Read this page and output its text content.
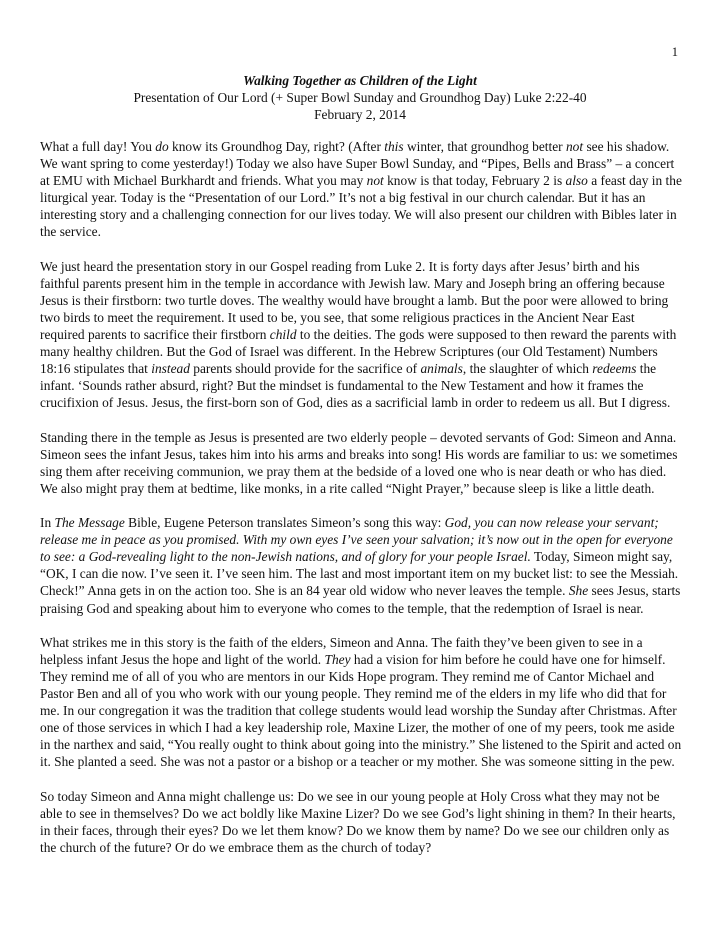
1
Walking Together as Children of the Light
Presentation of Our Lord (+ Super Bowl Sunday and Groundhog Day) Luke 2:22-40
February 2, 2014

What a full day! You do know its Groundhog Day, right? (After this winter, that groundhog better not see his shadow. We want spring to come yesterday!) Today we also have Super Bowl Sunday, and “Pipes, Bells and Brass” – a concert at EMU with Michael Burkhardt and friends. What you may not know is that today, February 2 is also a feast day in the liturgical year. Today is the “Presentation of our Lord.” It’s not a big festival in our church calendar. But it has an interesting story and a challenging connection for our lives today. We will also present our children with Bibles later in the service.

We just heard the presentation story in our Gospel reading from Luke 2. It is forty days after Jesus’ birth and his faithful parents present him in the temple in accordance with Jewish law. Mary and Joseph bring an offering because Jesus is their firstborn: two turtle doves. The wealthy would have brought a lamb. But the poor were allowed to bring two birds to meet the requirement. It used to be, you see, that some religious practices in the Ancient Near East required parents to sacrifice their firstborn child to the deities. The gods were supposed to then reward the parents with many healthy children. But the God of Israel was different. In the Hebrew Scriptures (our Old Testament) Numbers 18:16 stipulates that instead parents should provide for the sacrifice of animals, the slaughter of which redeems the infant. ‘Sounds rather absurd, right? But the mindset is fundamental to the New Testament and how it frames the crucifixion of Jesus. Jesus, the first-born son of God, dies as a sacrificial lamb in order to redeem us all. But I digress.

Standing there in the temple as Jesus is presented are two elderly people – devoted servants of God: Simeon and Anna. Simeon sees the infant Jesus, takes him into his arms and breaks into song! His words are familiar to us: we sometimes sing them after receiving communion, we pray them at the bedside of a loved one who is near death or who has died. We also might pray them at bedtime, like monks, in a rite called “Night Prayer,” because sleep is like a little death.

In The Message Bible, Eugene Peterson translates Simeon’s song this way: God, you can now release your servant; release me in peace as you promised. With my own eyes I’ve seen your salvation; it’s now out in the open for everyone to see: a God-revealing light to the non-Jewish nations, and of glory for your people Israel. Today, Simeon might say, “OK, I can die now. I’ve seen it. I’ve seen him. The last and most important item on my bucket list: to see the Messiah. Check!” Anna gets in on the action too. She is an 84 year old widow who never leaves the temple. She sees Jesus, starts praising God and speaking about him to everyone who comes to the temple, that the redemption of Israel is near.

What strikes me in this story is the faith of the elders, Simeon and Anna. The faith they’ve been given to see in a helpless infant Jesus the hope and light of the world. They had a vision for him before he could have one for himself. They remind me of all of you who are mentors in our Kids Hope program. They remind me of Cantor Michael and Pastor Ben and all of you who work with our young people. They remind me of the elders in my life who did that for me. In our congregation it was the tradition that college students would lead worship the Sunday after Christmas. After one of those services in which I had a key leadership role, Maxine Lizer, the mother of one of my peers, took me aside in the narthex and said, “You really ought to think about going into the ministry.” She listened to the Spirit and acted on it. She planted a seed. She was not a pastor or a bishop or a teacher or my mother. She was someone sitting in the pew.

So today Simeon and Anna might challenge us: Do we see in our young people at Holy Cross what they may not be able to see in themselves? Do we act boldly like Maxine Lizer? Do we see God’s light shining in them? In their hearts, in their faces, through their eyes? Do we let them know? Do we know them by name? Do we see our children only as the church of the future? Or do we embrace them as the church of today?
